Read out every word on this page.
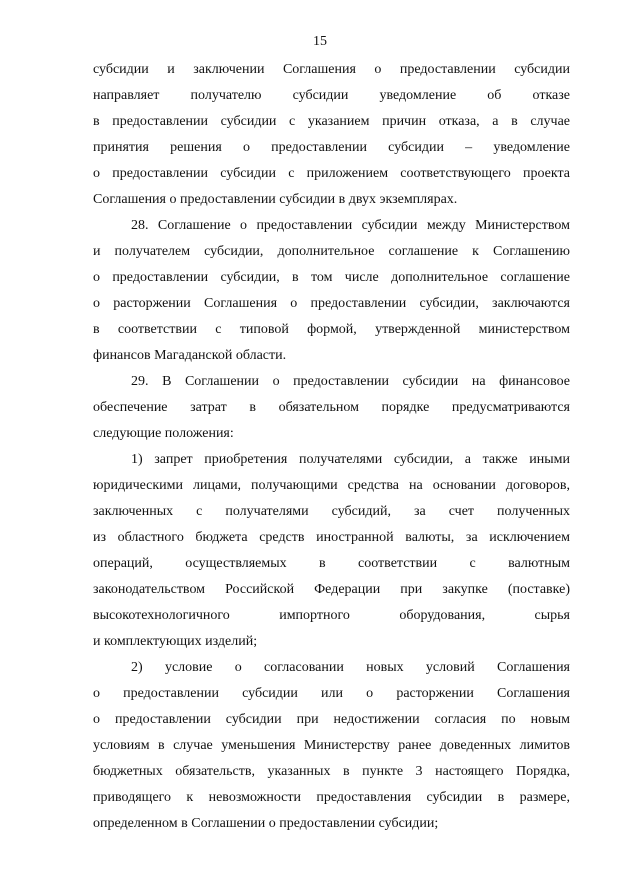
15
субсидии и заключении Соглашения о предоставлении субсидии
направляет получателю субсидии уведомление об отказе
в предоставлении субсидии с указанием причин отказа, а в случае
принятия решения о предоставлении субсидии – уведомление
о предоставлении субсидии с приложением соответствующего проекта
Соглашения о предоставлении субсидии в двух экземплярах.
28. Соглашение о предоставлении субсидии между Министерством
и получателем субсидии, дополнительное соглашение к Соглашению
о предоставлении субсидии, в том числе дополнительное соглашение
о расторжении Соглашения о предоставлении субсидии, заключаются
в соответствии с типовой формой, утвержденной министерством
финансов Магаданской области.
29. В Соглашении о предоставлении субсидии на финансовое
обеспечение затрат в обязательном порядке предусматриваются
следующие положения:
1) запрет приобретения получателями субсидии, а также иными
юридическими лицами, получающими средства на основании договоров,
заключенных с получателями субсидий, за счет полученных
из областного бюджета средств иностранной валюты, за исключением
операций, осуществляемых в соответствии с валютным
законодательством Российской Федерации при закупке (поставке)
высокотехнологичного импортного оборудования, сырья
и комплектующих изделий;
2) условие о согласовании новых условий Соглашения
о предоставлении субсидии или о расторжении Соглашения
о предоставлении субсидии при недостижении согласия по новым
условиям в случае уменьшения Министерству ранее доведенных лимитов
бюджетных обязательств, указанных в пункте 3 настоящего Порядка,
приводящего к невозможности предоставления субсидии в размере,
определенном в Соглашении о предоставлении субсидии;
